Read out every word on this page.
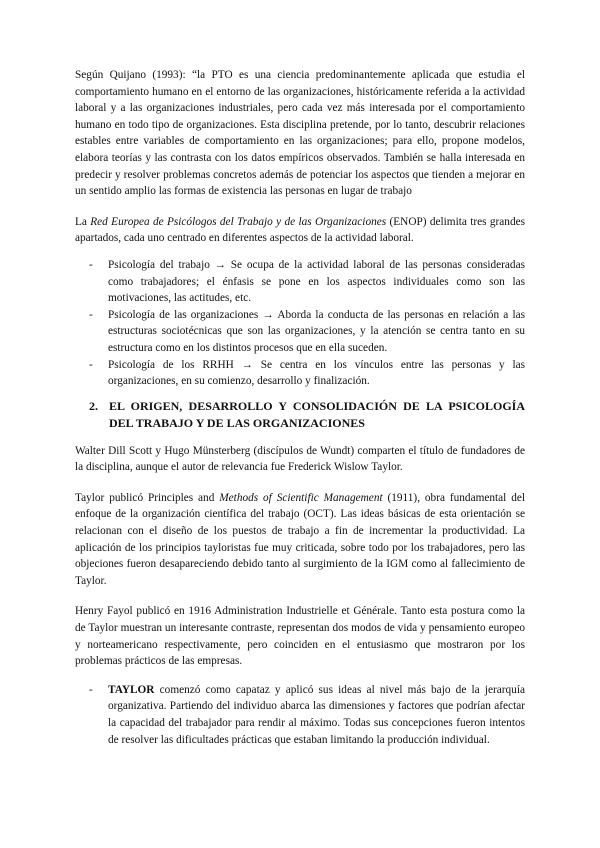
Según Quijano (1993): “la PTO es una ciencia predominantemente aplicada que estudia el comportamiento humano en el entorno de las organizaciones, históricamente referida a la actividad laboral y a las organizaciones industriales, pero cada vez más interesada por el comportamiento humano en todo tipo de organizaciones. Esta disciplina pretende, por lo tanto, descubrir relaciones estables entre variables de comportamiento en las organizaciones; para ello, propone modelos, elabora teorías y las contrasta con los datos empíricos observados. También se halla interesada en predecir y resolver problemas concretos además de potenciar los aspectos que tienden a mejorar en un sentido amplio las formas de existencia las personas en lugar de trabajo

La Red Europea de Psicólogos del Trabajo y de las Organizaciones (ENOP) delimita tres grandes apartados, cada uno centrado en diferentes aspectos de la actividad laboral.

- Psicología del trabajo → Se ocupa de la actividad laboral de las personas consideradas como trabajadores; el énfasis se pone en los aspectos individuales como son las motivaciones, las actitudes, etc.
- Psicología de las organizaciones → Aborda la conducta de las personas en relación a las estructuras sociotécnicas que son las organizaciones, y la atención se centra tanto en su estructura como en los distintos procesos que en ella suceden.
- Psicología de los RRHH → Se centra en los vínculos entre las personas y las organizaciones, en su comienzo, desarrollo y finalización.
2. EL ORIGEN, DESARROLLO Y CONSOLIDACIÓN DE LA PSICOLOGÍA DEL TRABAJO Y DE LAS ORGANIZACIONES

Walter Dill Scott y Hugo Münsterberg (discípulos de Wundt) comparten el título de fundadores de la disciplina, aunque el autor de relevancia fue Frederick Wislow Taylor.

Taylor publicó Principles and Methods of Scientific Management (1911), obra fundamental del enfoque de la organización científica del trabajo (OCT). Las ideas básicas de esta orientación se relacionan con el diseño de los puestos de trabajo a fin de incrementar la productividad. La aplicación de los principios tayloristas fue muy criticada, sobre todo por los trabajadores, pero las objeciones fueron desapareciendo debido tanto al surgimiento de la IGM como al fallecimiento de Taylor.

Henry Fayol publicó en 1916 Administration Industrielle et Générale. Tanto esta postura como la de Taylor muestran un interesante contraste, representan dos modos de vida y pensamiento europeo y norteamericano respectivamente, pero coinciden en el entusiasmo que mostraron por los problemas prácticos de las empresas.

- TAYLOR comenzó como capataz y aplicó sus ideas al nivel más bajo de la jerarquía organizativa. Partiendo del individuo abarca las dimensiones y factores que podrían afectar la capacidad del trabajador para rendir al máximo. Todas sus concepciones fueron intentos de resolver las dificultades prácticas que estaban limitando la producción individual.
